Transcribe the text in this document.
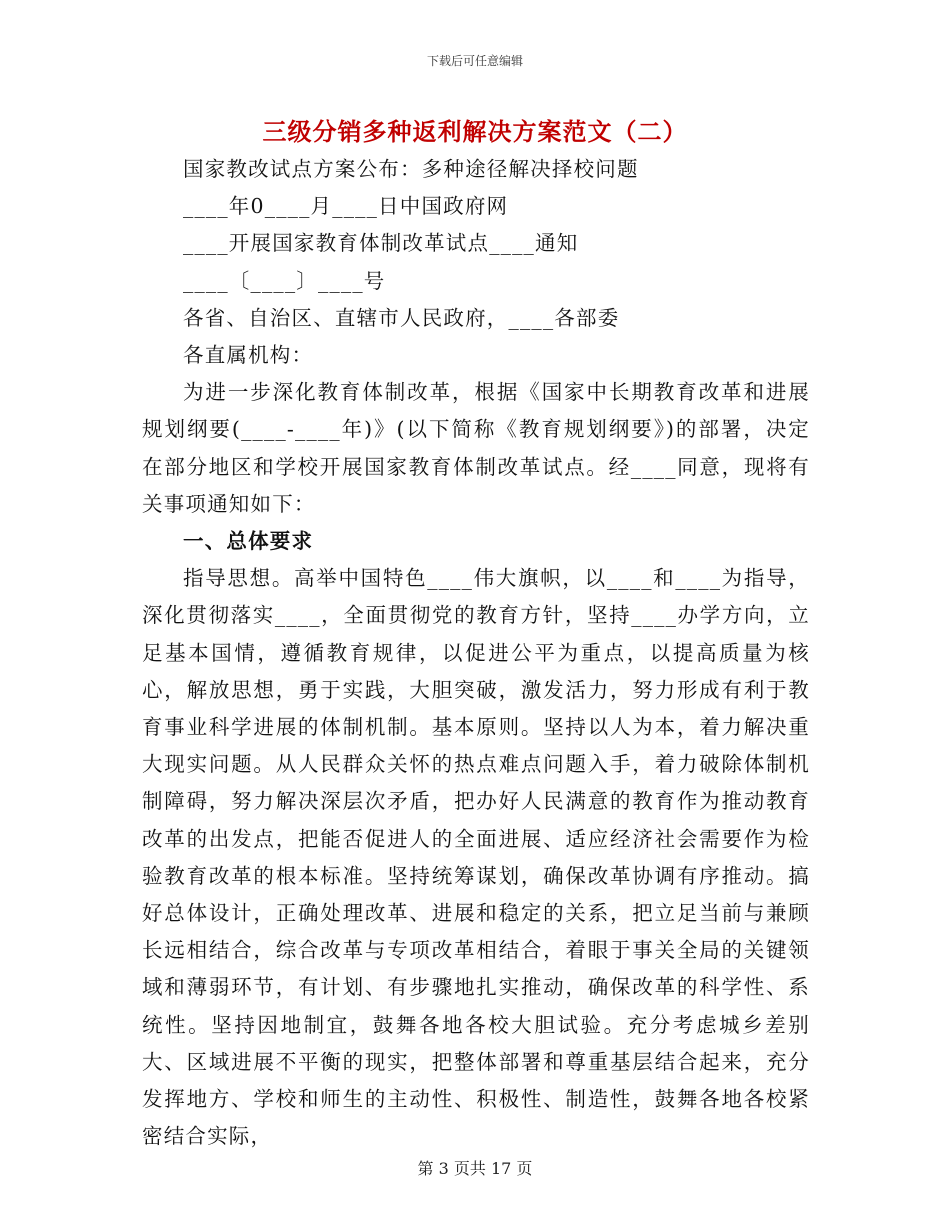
下载后可任意编辑
三级分销多种返利解决方案范文（二）

国家教改试点方案公布：多种途径解决择校问题

____年0____月____日中国政府网

____开展国家教育体制改革试点____通知

____〔____〕____号

各省、自治区、直辖市人民政府，____各部委

各直属机构：

为进一步深化教育体制改革，根据《国家中长期教育改革和进展规划纲要(____-____年)》(以下简称《教育规划纲要》)的部署，决定在部分地区和学校开展国家教育体制改革试点。经____同意，现将有关事项通知如下：

一、总体要求

指导思想。高举中国特色____伟大旗帜，以____和____为指导，深化贯彻落实____，全面贯彻党的教育方针，坚持____办学方向，立足基本国情，遵循教育规律，以促进公平为重点，以提高质量为核心，解放思想，勇于实践，大胆突破，激发活力，努力形成有利于教育事业科学进展的体制机制。基本原则。坚持以人为本，着力解决重大现实问题。从人民群众关怀的热点难点问题入手，着力破除体制机制障碍，努力解决深层次矛盾，把办好人民满意的教育作为推动教育改革的出发点，把能否促进人的全面进展、适应经济社会需要作为检验教育改革的根本标准。坚持统筹谋划，确保改革协调有序推动。搞好总体设计，正确处理改革、进展和稳定的关系，把立足当前与兼顾长远相结合，综合改革与专项改革相结合，着眼于事关全局的关键领域和薄弱环节，有计划、有步骤地扎实推动，确保改革的科学性、系统性。坚持因地制宜，鼓舞各地各校大胆试验。充分考虑城乡差别大、区域进展不平衡的现实，把整体部署和尊重基层结合起来，充分发挥地方、学校和师生的主动性、积极性、制造性，鼓舞各地各校紧密结合实际，

第 3 页共 17 页
